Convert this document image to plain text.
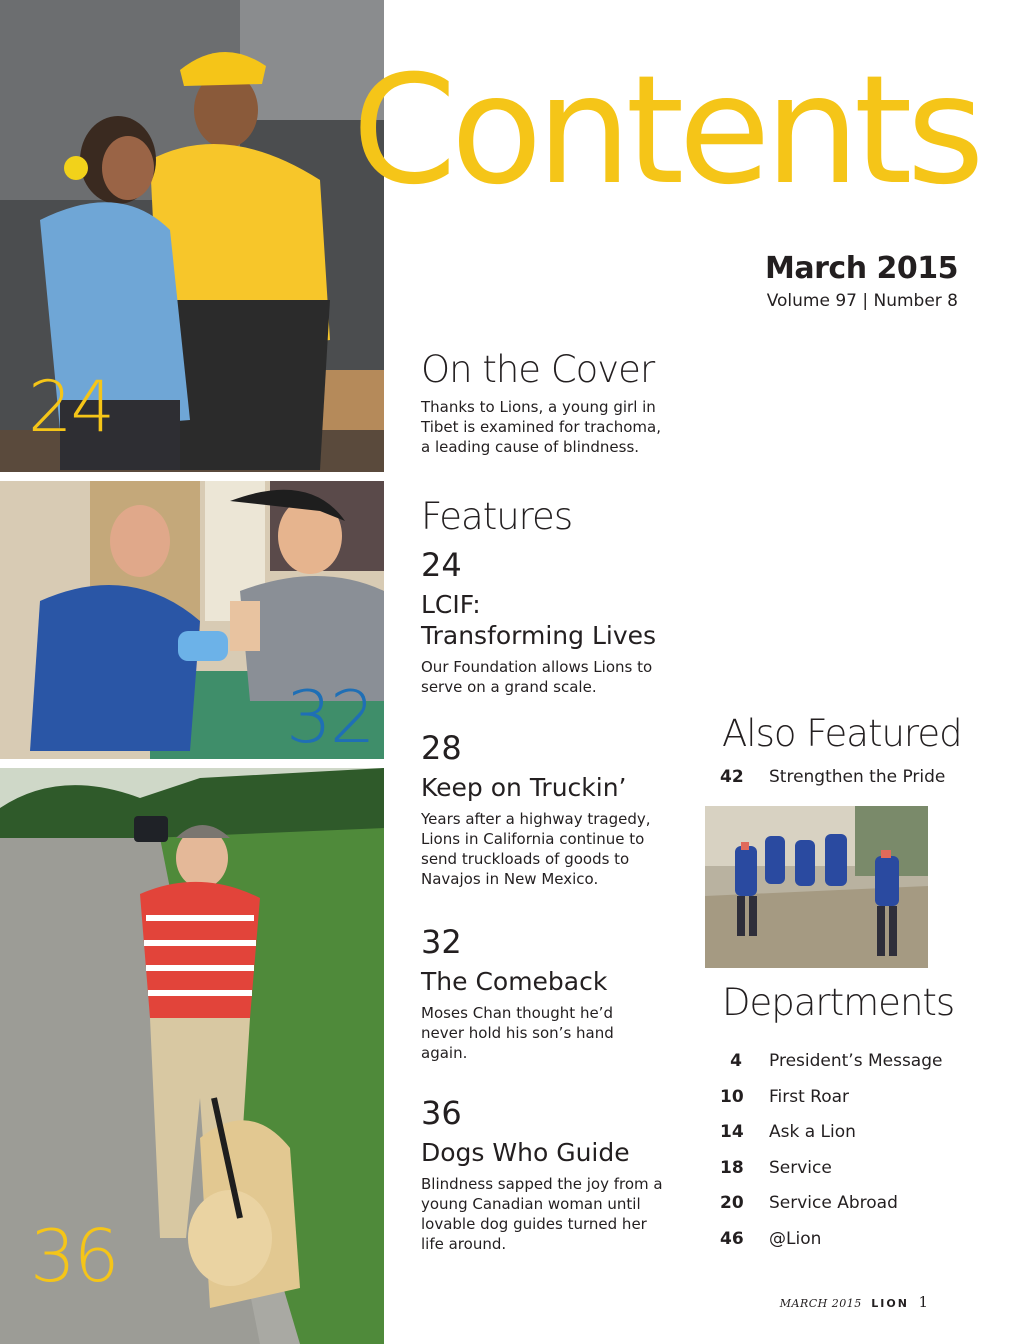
24
32
36
Contents

March 2015

Volume 97 | Number 8

On the Cover

Thanks to Lions, a young girl in Tibet is examined for trachoma, a leading cause of blindness.

Features

24

LCIF:
Transforming Lives

Our Foundation allows Lions to serve on a grand scale.

28

Keep on Truckin’

Years after a highway tragedy, Lions in California continue to send truckloads of goods to Navajos in New Mexico.

32

The Comeback

Moses Chan thought he’d never hold his son’s hand again.

36

Dogs Who Guide

Blindness sapped the joy from a young Canadian woman until lovable dog guides turned her life around.

Also Featured
42 Strengthen the Pride
Departments
4 President’s Message
10 First Roar
14 Ask a Lion
18 Service
20 Service Abroad
46 @Lion
MARCH 2015 LION 1
